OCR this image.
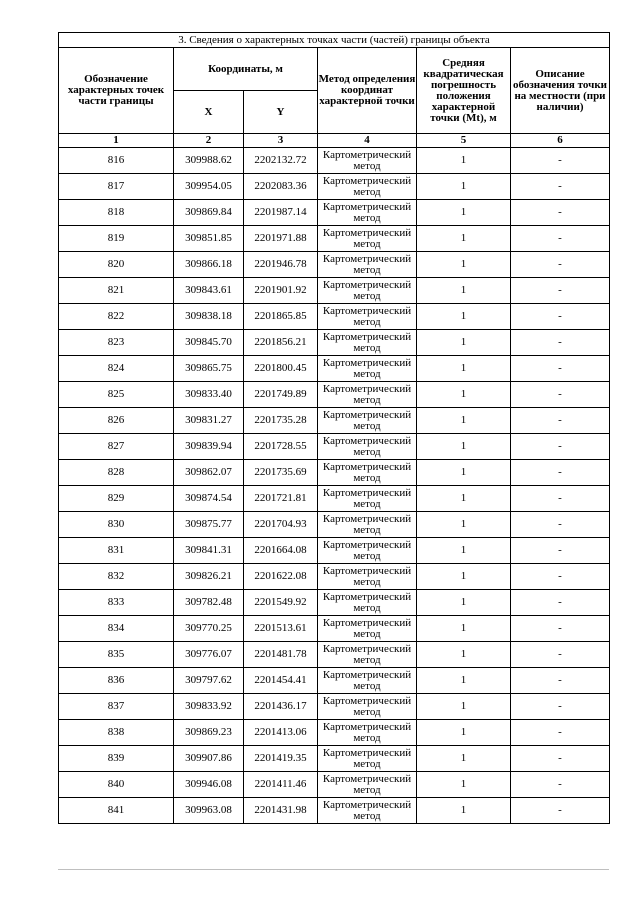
3. Сведения о характерных точках части (частей) границы объекта					
Обозначение характерных точек части границы	Координаты, м		Метод определения координат характерной точки	Средняя квадратическая погрешность положения характерной точки (Mt), м	Описание обозначения точки на местности (при наличии)
	X	Y			
1	2	3	4	5	6
816	309988.62	2202132.72	Картометрический метод	1	-
817	309954.05	2202083.36	Картометрический метод	1	-
818	309869.84	2201987.14	Картометрический метод	1	-
819	309851.85	2201971.88	Картометрический метод	1	-
820	309866.18	2201946.78	Картометрический метод	1	-
821	309843.61	2201901.92	Картометрический метод	1	-
822	309838.18	2201865.85	Картометрический метод	1	-
823	309845.70	2201856.21	Картометрический метод	1	-
824	309865.75	2201800.45	Картометрический метод	1	-
825	309833.40	2201749.89	Картометрический метод	1	-
826	309831.27	2201735.28	Картометрический метод	1	-
827	309839.94	2201728.55	Картометрический метод	1	-
828	309862.07	2201735.69	Картометрический метод	1	-
829	309874.54	2201721.81	Картометрический метод	1	-
830	309875.77	2201704.93	Картометрический метод	1	-
831	309841.31	2201664.08	Картометрический метод	1	-
832	309826.21	2201622.08	Картометрический метод	1	-
833	309782.48	2201549.92	Картометрический метод	1	-
834	309770.25	2201513.61	Картометрический метод	1	-
835	309776.07	2201481.78	Картометрический метод	1	-
836	309797.62	2201454.41	Картометрический метод	1	-
837	309833.92	2201436.17	Картометрический метод	1	-
838	309869.23	2201413.06	Картометрический метод	1	-
839	309907.86	2201419.35	Картометрический метод	1	-
840	309946.08	2201411.46	Картометрический метод	1	-
841	309963.08	2201431.98	Картометрический метод	1	-
